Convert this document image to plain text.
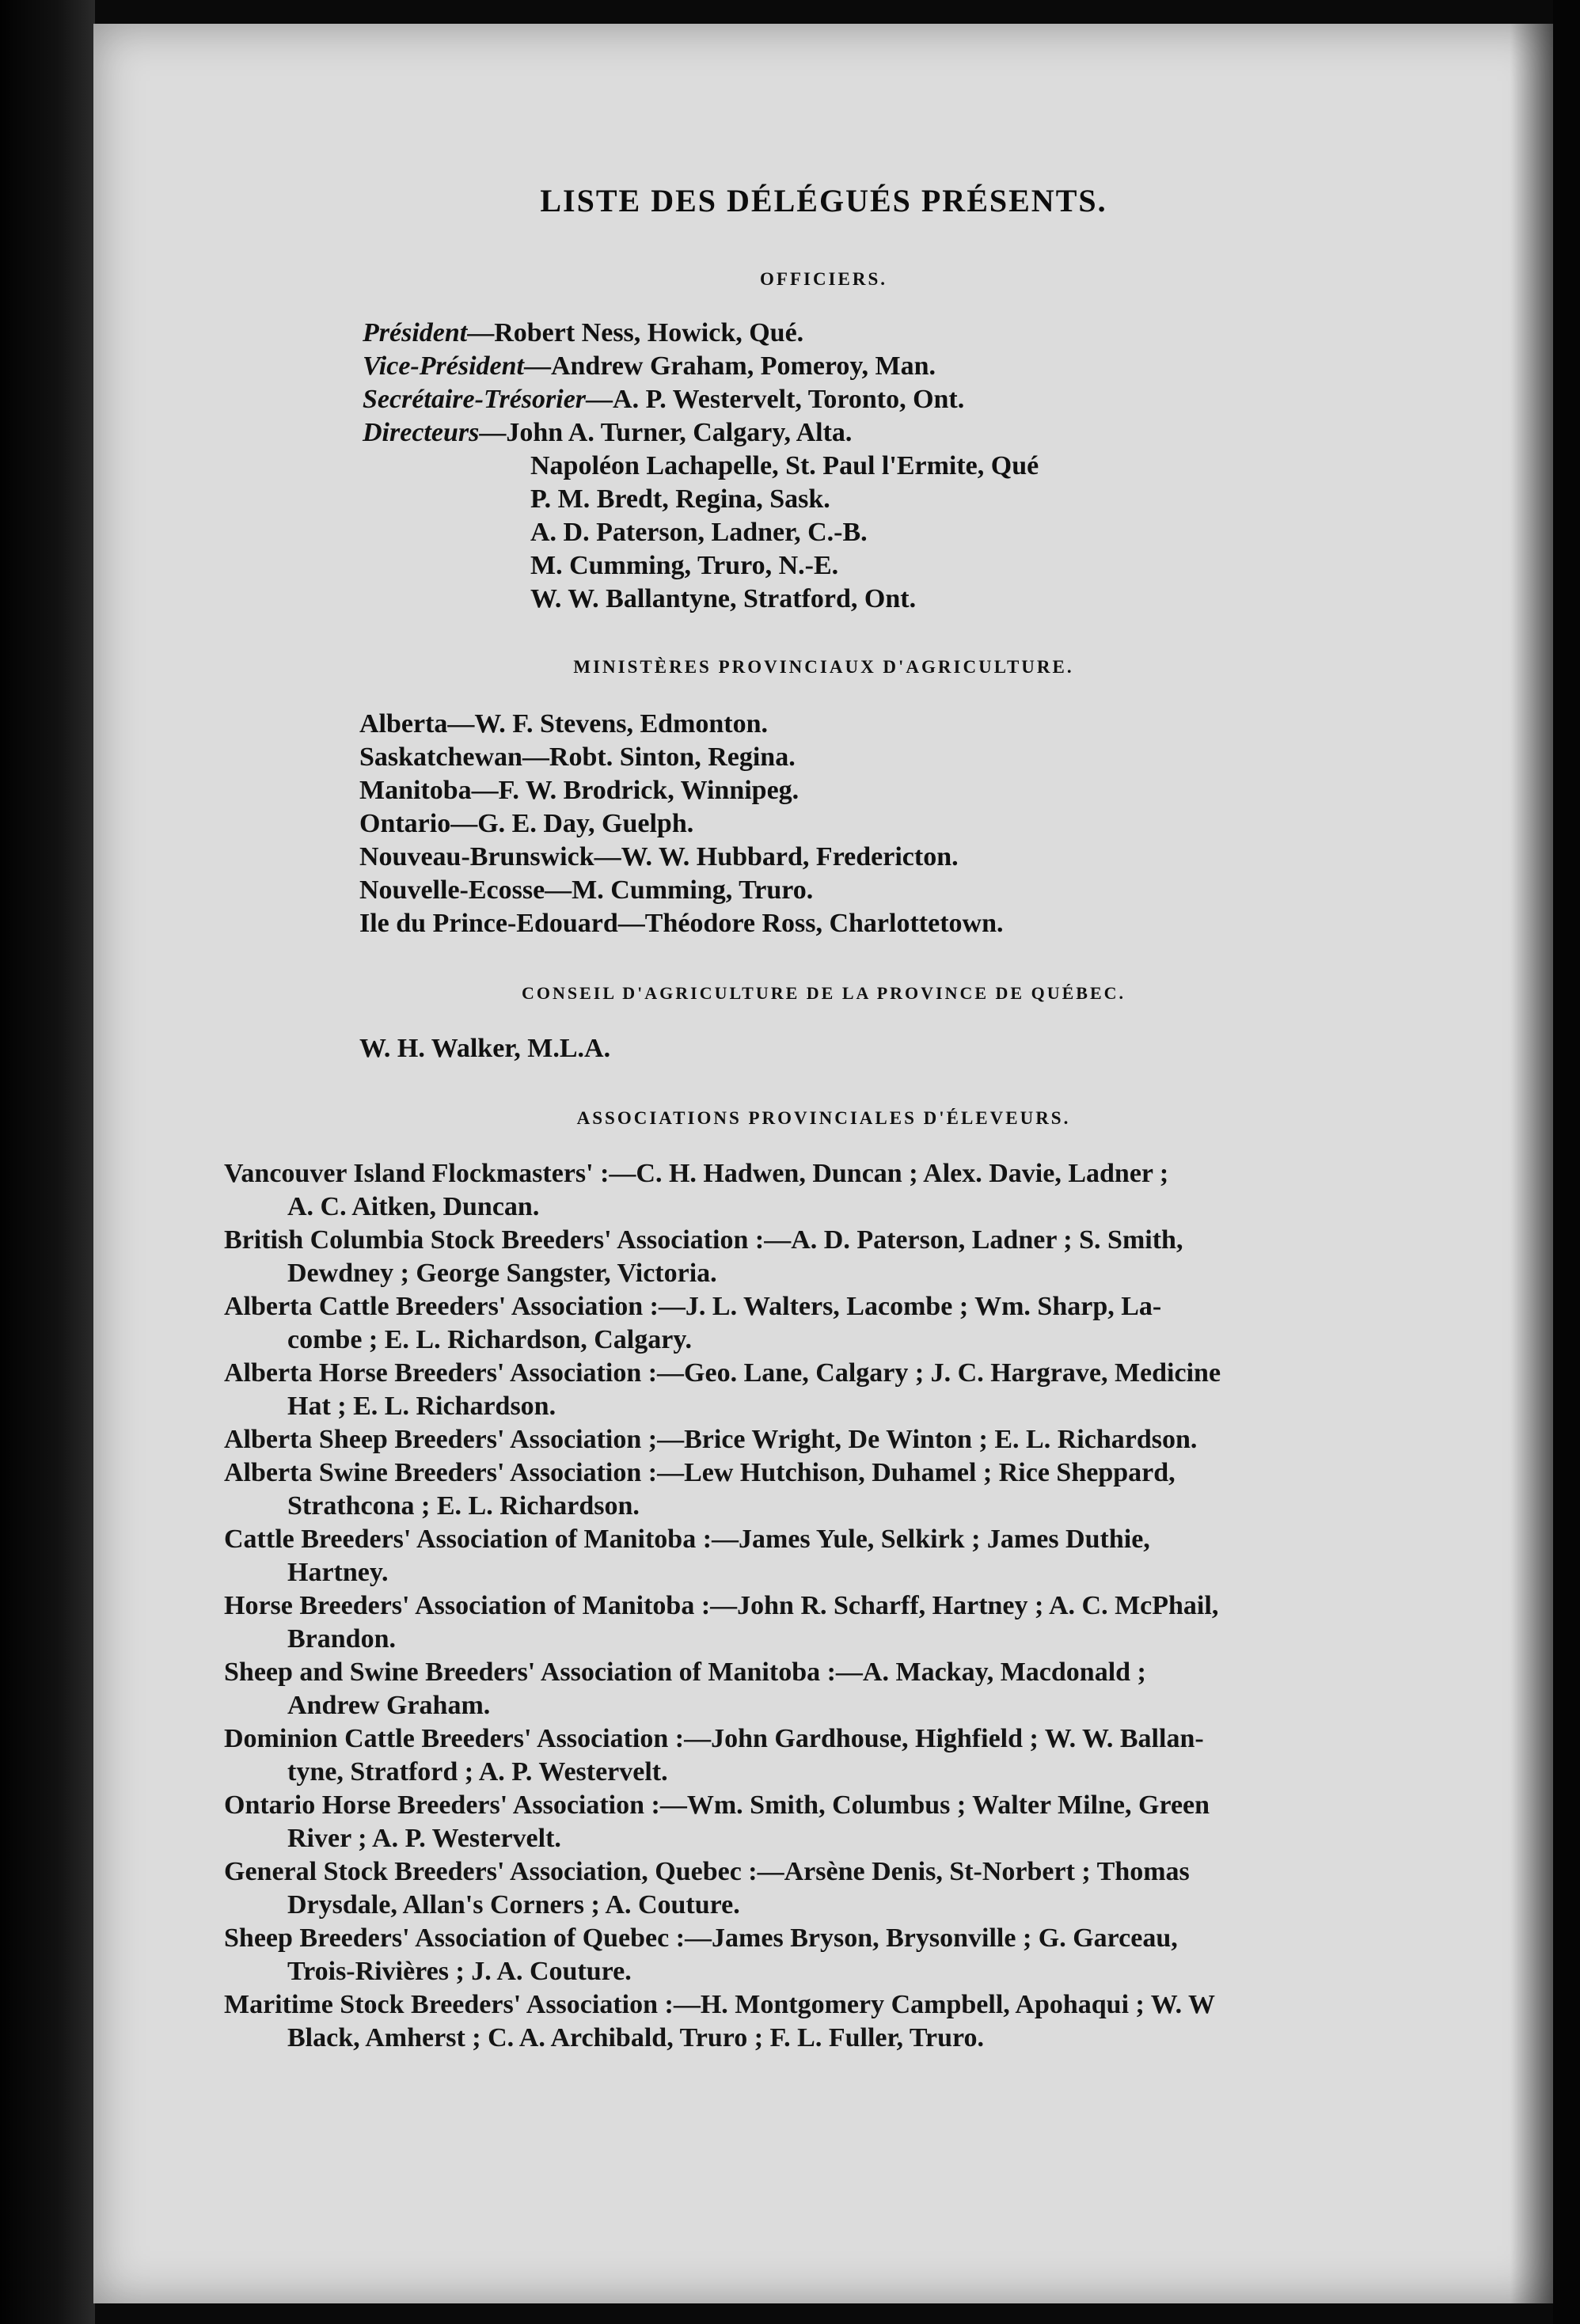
LISTE DES DÉLÉGUÉS PRÉSENTS.
OFFICIERS.
Président—Robert Ness, Howick, Qué.
Vice-Président—Andrew Graham, Pomeroy, Man.
Secrétaire-Trésorier—A. P. Westervelt, Toronto, Ont.
Directeurs—John A. Turner, Calgary, Alta.
Napoléon Lachapelle, St. Paul l'Ermite, Qué
P. M. Bredt, Regina, Sask.
A. D. Paterson, Ladner, C.-B.
M. Cumming, Truro, N.-E.
W. W. Ballantyne, Stratford, Ont.
MINISTÈRES PROVINCIAUX D'AGRICULTURE.
Alberta—W. F. Stevens, Edmonton.
Saskatchewan—Robt. Sinton, Regina.
Manitoba—F. W. Brodrick, Winnipeg.
Ontario—G. E. Day, Guelph.
Nouveau-Brunswick—W. W. Hubbard, Fredericton.
Nouvelle-Ecosse—M. Cumming, Truro.
Ile du Prince-Edouard—Théodore Ross, Charlottetown.
CONSEIL D'AGRICULTURE DE LA PROVINCE DE QUÉBEC.
W. H. Walker, M.L.A.
ASSOCIATIONS PROVINCIALES D'ÉLEVEURS.
Vancouver Island Flockmasters' :—C. H. Hadwen, Duncan ; Alex. Davie, Ladner ;
A. C. Aitken, Duncan.
British Columbia Stock Breeders' Association :—A. D. Paterson, Ladner ; S. Smith,
Dewdney ; George Sangster, Victoria.
Alberta Cattle Breeders' Association :—J. L. Walters, Lacombe ; Wm. Sharp, La-
combe ; E. L. Richardson, Calgary.
Alberta Horse Breeders' Association :—Geo. Lane, Calgary ; J. C. Hargrave, Medicine
Hat ; E. L. Richardson.
Alberta Sheep Breeders' Association ;—Brice Wright, De Winton ; E. L. Richardson.
Alberta Swine Breeders' Association :—Lew Hutchison, Duhamel ; Rice Sheppard,
Strathcona ; E. L. Richardson.
Cattle Breeders' Association of Manitoba :—James Yule, Selkirk ; James Duthie,
Hartney.
Horse Breeders' Association of Manitoba :—John R. Scharff, Hartney ; A. C. McPhail,
Brandon.
Sheep and Swine Breeders' Association of Manitoba :—A. Mackay, Macdonald ;
Andrew Graham.
Dominion Cattle Breeders' Association :—John Gardhouse, Highfield ; W. W. Ballan-
tyne, Stratford ; A. P. Westervelt.
Ontario Horse Breeders' Association :—Wm. Smith, Columbus ; Walter Milne, Green
River ; A. P. Westervelt.
General Stock Breeders' Association, Quebec :—Arsène Denis, St-Norbert ; Thomas
Drysdale, Allan's Corners ; A. Couture.
Sheep Breeders' Association of Quebec :—James Bryson, Brysonville ; G. Garceau,
Trois-Rivières ; J. A. Couture.
Maritime Stock Breeders' Association :—H. Montgomery Campbell, Apohaqui ; W. W
Black, Amherst ; C. A. Archibald, Truro ; F. L. Fuller, Truro.
